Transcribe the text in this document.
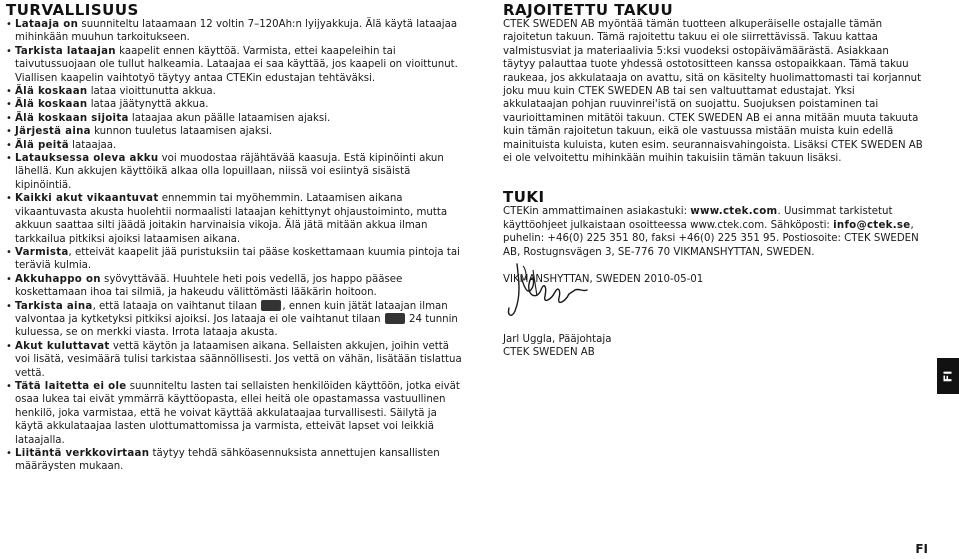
TURVALLISUUS
• Lataaja on suunniteltu lataamaan 12 voltin 7–120Ah:n lyijyakkuja. Älä käytä lataajaa mihinkään muuhun tarkoitukseen.
• Tarkista lataajan kaapelit ennen käyttöä. Varmista, ettei kaapeleihin tai taivutussuojaan ole tullut halkeamia. Lataajaa ei saa käyttää, jos kaapeli on vioittunut. Viallisen kaapelin vaihtotyö täytyy antaa CTEKin edustajan tehtäväksi.
• Älä koskaan lataa vioittunutta akkua.
• Älä koskaan lataa jäätynyttä akkua.
• Älä koskaan sijoita lataajaa akun päälle lataamisen ajaksi.
• Järjestä aina kunnon tuuletus lataamisen ajaksi.
• Älä peitä lataajaa.
• Latauksessa oleva akku voi muodostaa räjähtävää kaasuja. Estä kipinöinti akun lähellä. Kun akkujen käyttöikä alkaa olla lopuillaan, niissä voi esiintyä sisäistä kipinöintiä.
• Kaikki akut vikaantuvat ennemmin tai myöhemmin. Lataamisen aikana vikaantuvasta akusta huolehtii normaalisti lataajan kehittynyt ohjaustoiminto, mutta akkuun saattaa silti jäädä joitakin harvinaisia vikoja. Älä jätä mitään akkua ilman tarkkailua pitkiksi ajoiksi lataamisen aikana.
• Varmista, etteivät kaapelit jää puristuksiin tai pääse koskettamaan kuumia pintoja tai teräviä kulmia.
• Akkuhappo on syövyttävää. Huuhtele heti pois vedellä, jos happo pääsee koskettamaan ihoa tai silmiä, ja hakeudu välittömästi lääkärin hoitoon.
• Tarkista aina, että lataaja on vaihtanut tilaan , ennen kuin jätät lataajan ilman valvontaa ja kytketyksi pitkiksi ajoiksi. Jos lataaja ei ole vaihtanut tilaan  24 tunnin kuluessa, se on merkki viasta. Irrota lataaja akusta.
• Akut kuluttavat vettä käytön ja lataamisen aikana. Sellaisten akkujen, joihin vettä voi lisätä, vesimäärä tulisi tarkistaa säännöllisesti. Jos vettä on vähän, lisätään tislattua vettä.
• Tätä laitetta ei ole suunniteltu lasten tai sellaisten henkilöiden käyttöön, jotka eivät osaa lukea tai eivät ymmärrä käyttöopasta, ellei heitä ole opastamassa vastuullinen henkilö, joka varmistaa, että he voivat käyttää akkulataajaa turvallisesti. Säilytä ja käytä akkulataajaa lasten ulottumattomissa ja varmista, etteivät lapset voi leikkiä lataajalla.
• Liitäntä verkkovirtaan täytyy tehdä sähköasennuksista annettujen kansallisten määräysten mukaan.
RAJOITETTU TAKUU

CTEK SWEDEN AB myöntää tämän tuotteen alkuperäiselle ostajalle tämän rajoitetun takuun. Tämä rajoitettu takuu ei ole siirrettävissä. Takuu kattaa valmistusviat ja materiaalivia 5:ksi vuodeksi ostopäivämäärästä. Asiakkaan täytyy palauttaa tuote yhdessä ostotositteen kanssa ostopaikkaan. Tämä takuu raukeaa, jos akkulataaja on avattu, sitä on käsitelty huolimattomasti tai korjannut joku muu kuin CTEK SWEDEN AB tai sen valtuuttamat edustajat. Yksi akkulataajan pohjan ruuvinrei'istä on suojattu. Suojuksen poistaminen tai vaurioittaminen mitätöi takuun. CTEK SWEDEN AB ei anna mitään muuta takuuta kuin tämän rajoitetun takuun, eikä ole vastuussa mistään muista kuin edellä mainituista kuluista, kuten esim. seurannaisvahingoista. Lisäksi CTEK SWEDEN AB ei ole velvoitettu mihinkään muihin takuisiin tämän takuun lisäksi.

TUKI

CTEKin ammattimainen asiakastuki: www.ctek.com. Uusimmat tarkistetut käyttöohjeet julkaistaan osoitteessa www.ctek.com. Sähköposti: info@ctek.se, puhelin: +46(0) 225 351 80, faksi +46(0) 225 351 95. Postiosoite: CTEK SWEDEN AB, Rostugnsvägen 3, SE-776 70 VIKMANSHYTTAN, SWEDEN.

VIKMANSHYTTAN, SWEDEN 2010-05-01

Jarl Uggla, Pääjohtaja
CTEK SWEDEN AB
FI
FI
